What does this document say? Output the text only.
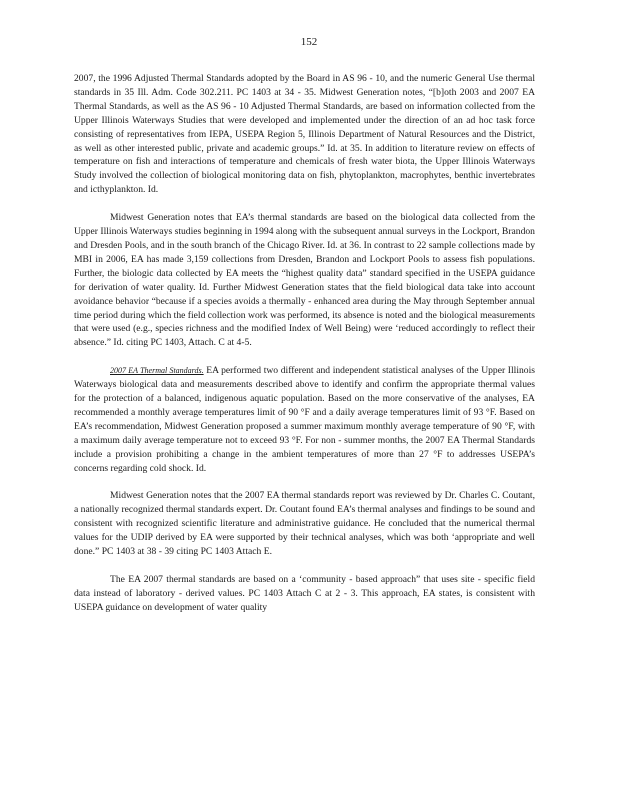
152

2007, the 1996 Adjusted Thermal Standards adopted by the Board in AS 96 - 10, and the numeric General Use thermal standards in 35 Ill. Adm. Code 302.211. PC 1403 at 34 - 35. Midwest Generation notes, “[b]oth 2003 and 2007 EA Thermal Standards, as well as the AS 96 - 10 Adjusted Thermal Standards, are based on information collected from the Upper Illinois Waterways Studies that were developed and implemented under the direction of an ad hoc task force consisting of representatives from IEPA, USEPA Region 5, Illinois Department of Natural Resources and the District, as well as other interested public, private and academic groups.” Id. at 35. In addition to literature review on effects of temperature on fish and interactions of temperature and chemicals of fresh water biota, the Upper Illinois Waterways Study involved the collection of biological monitoring data on fish, phytoplankton, macrophytes, benthic invertebrates and icthyplankton. Id.

Midwest Generation notes that EA’s thermal standards are based on the biological data collected from the Upper Illinois Waterways studies beginning in 1994 along with the subsequent annual surveys in the Lockport, Brandon and Dresden Pools, and in the south branch of the Chicago River. Id. at 36. In contrast to 22 sample collections made by MBI in 2006, EA has made 3,159 collections from Dresden, Brandon and Lockport Pools to assess fish populations. Further, the biologic data collected by EA meets the “highest quality data” standard specified in the USEPA guidance for derivation of water quality. Id. Further Midwest Generation states that the field biological data take into account avoidance behavior “because if a species avoids a thermally - enhanced area during the May through September annual time period during which the field collection work was performed, its absence is noted and the biological measurements that were used (e.g., species richness and the modified Index of Well Being) were ‘reduced accordingly to reflect their absence.” Id. citing PC 1403, Attach. C at 4-5.

2007 EA Thermal Standards. EA performed two different and independent statistical analyses of the Upper Illinois Waterways biological data and measurements described above to identify and confirm the appropriate thermal values for the protection of a balanced, indigenous aquatic population. Based on the more conservative of the analyses, EA recommended a monthly average temperatures limit of 90 °F and a daily average temperatures limit of 93 °F. Based on EA’s recommendation, Midwest Generation proposed a summer maximum monthly average temperature of 90 °F, with a maximum daily average temperature not to exceed 93 °F. For non - summer months, the 2007 EA Thermal Standards include a provision prohibiting a change in the ambient temperatures of more than 27 °F to addresses USEPA’s concerns regarding cold shock. Id.

Midwest Generation notes that the 2007 EA thermal standards report was reviewed by Dr. Charles C. Coutant, a nationally recognized thermal standards expert. Dr. Coutant found EA’s thermal analyses and findings to be sound and consistent with recognized scientific literature and administrative guidance. He concluded that the numerical thermal values for the UDIP derived by EA were supported by their technical analyses, which was both ‘appropriate and well done.” PC 1403 at 38 - 39 citing PC 1403 Attach E.

The EA 2007 thermal standards are based on a ‘community - based approach” that uses site - specific field data instead of laboratory - derived values. PC 1403 Attach C at 2 - 3. This approach, EA states, is consistent with USEPA guidance on development of water quality
